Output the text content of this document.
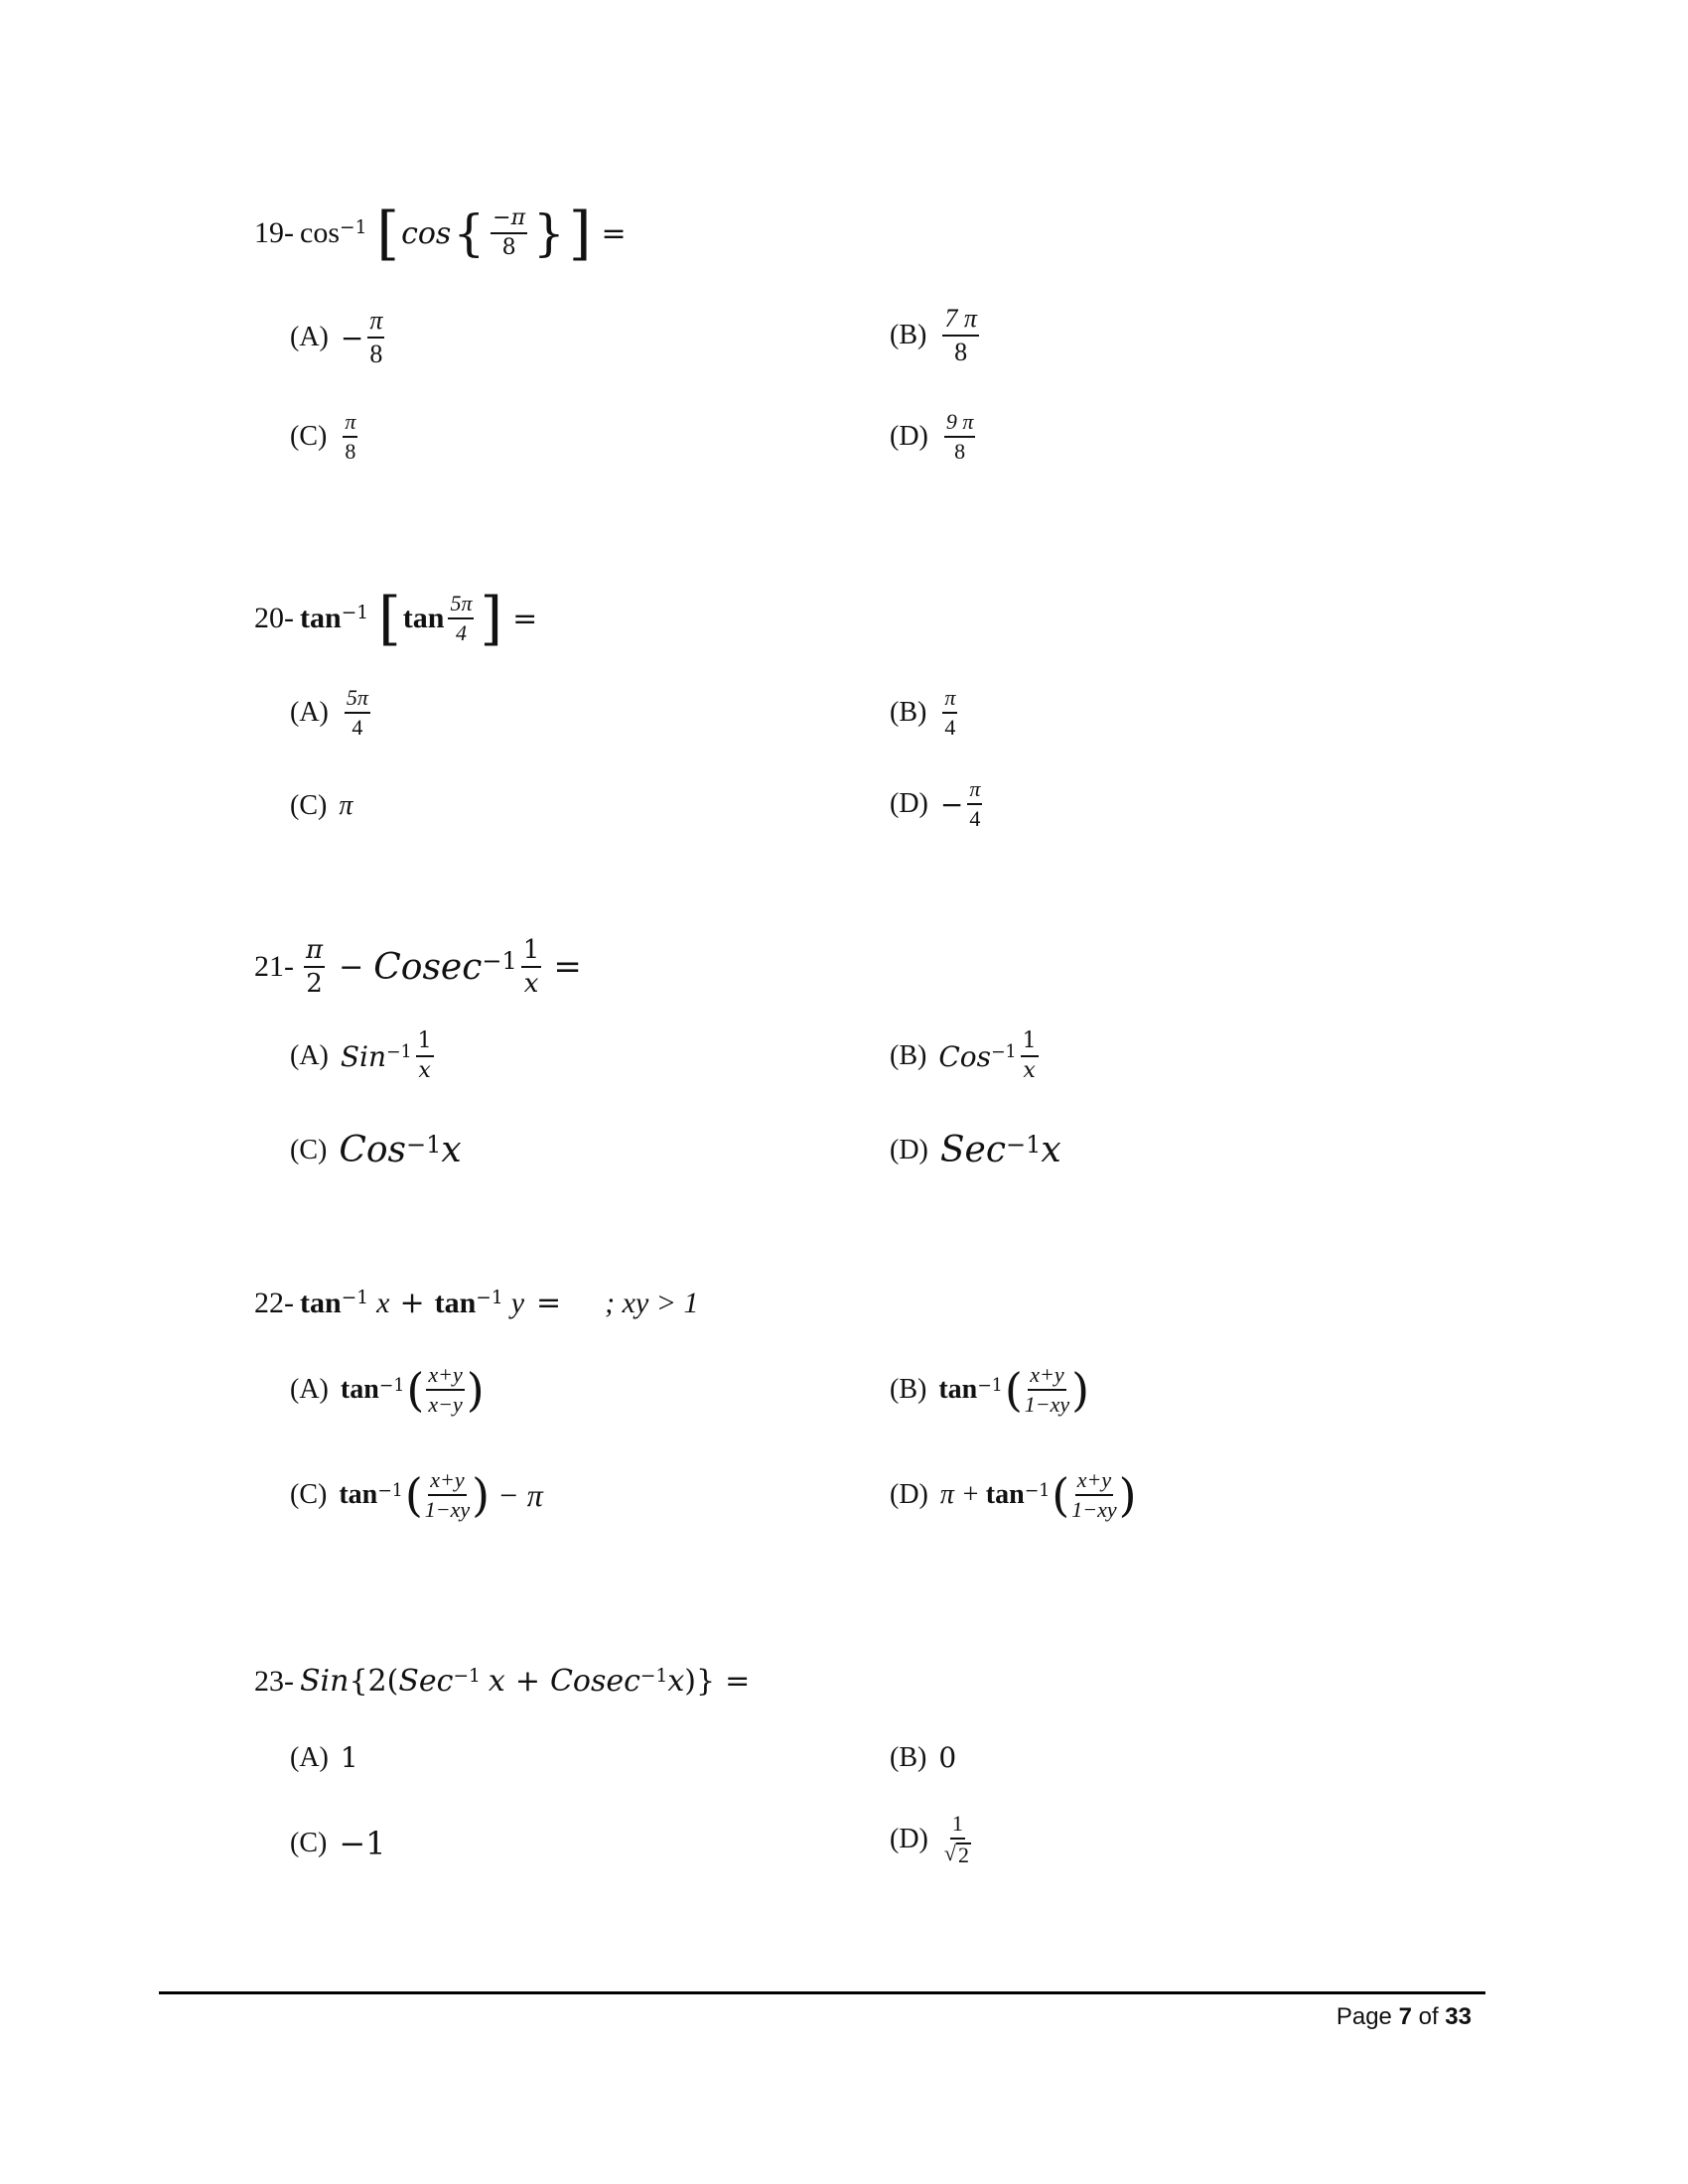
19- $\cos^{-1}$ [ cos { $\frac{-\pi}{8}$ } ] =
$(A) - \frac{\pi}{8}$	$(B) \frac{7 \pi}{8}$
$(C) \frac{\pi}{8}$	$(D) \frac{9 \pi}{8}$
20- $\tan^{-1}$ [ $\tan \frac{5\pi}{4}$ ] =
$(A) \frac{5\pi}{4}$	$(B) \frac{\pi}{4}$
(C) π	$(D) - \frac{\pi}{4}$
$21- \frac{\pi}{2} - Cosec^{-1} \frac{1}{x}$ =
(A) $Sin^{-1} \frac{1}{x}$	(B) $Cos^{-1} \frac{1}{x}$
(C) Cos$^{-1}$ x	(D) Sec$^{-1}$ x
22- $\tan^{-1} x + \tan^{-1} y$ = ; xy > 1
(A) $\tan^{-1}$ ( $\frac{x+y}{x-y}$ )	(B) $\tan^{-1}$ ( $\frac{x+y}{1-xy}$ )
(C) $\tan^{-1}$ ( $\frac{x+y}{1-xy}$ ) − π	(D) $\pi + \tan^{-1}$ ( $\frac{x+y}{1-xy}$ )
23- Sin {2( Sec$^{-1}$ x + Cosec$^{-1}$ x )} =
(A) 1	(B) 0
(C) −1	$(D) \frac{1}{√ 2}$
Page 7 of 33
